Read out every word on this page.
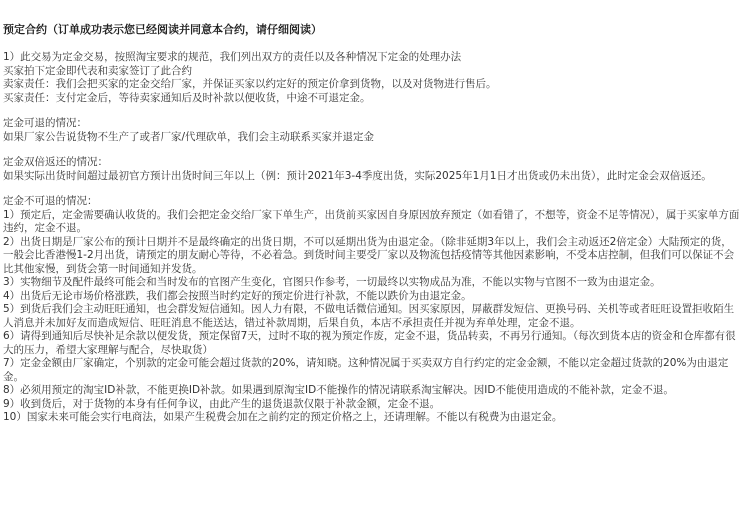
预定合约（订单成功表示您已经阅读并同意本合约，请仔细阅读）

1）此交易为定金交易，按照淘宝要求的规范，我们列出双方的责任以及各种情况下定金的处理办法

买家拍下定金即代表和卖家签订了此合约

卖家责任：我们会把买家的定金交给厂家，并保证买家以约定好的预定价拿到货物，以及对货物进行售后。

买家责任：支付定金后，等待卖家通知后及时补款以便收货，中途不可退定金。

定金可退的情况：

如果厂家公告说货物不生产了或者厂家/代理砍单，我们会主动联系买家并退定金

定金双倍返还的情况：

如果实际出货时间超过最初官方预计出货时间三年以上（例：预计2021年3-4季度出货，实际2025年1月1日才出货或仍未出货），此时定金会双倍返还。

定金不可退的情况：

1）预定后，定金需要确认收货的。我们会把定金交给厂家下单生产，出货前买家因自身原因放弃预定（如看错了，不想等，资金不足等情况），属于买家单方面违约，定金不退。

2）出货日期是厂家公布的预计日期并不是最终确定的出货日期，不可以延期出货为由退定金。（除非延期3年以上，我们会主动返还2倍定金）大陆预定的货，一般会比香港慢1-2月出货，请预定的朋友耐心等待，不必着急。到货时间主要受厂家以及物流包括疫情等其他因素影响，不受本店控制，但我们可以保证不会比其他家慢，到货会第一时间通知并发货。

3）实物细节及配件最终可能会和当时发布的官图产生变化，官图只作参考，一切最终以实物成品为准，不能以实物与官图不一致为由退定金。

4）出货后无论市场价格涨跌，我们都会按照当时约定好的预定价进行补款，不能以跌价为由退定金。

5）到货后我们会主动旺旺通知，也会群发短信通知。因人力有限，不做电话微信通知。因买家原因，屏蔽群发短信、更换号码、关机等或者旺旺设置拒收陌生人消息并未加好友而造成短信、旺旺消息不能送达，错过补款周期，后果自负，本店不承担责任并视为弃单处理，定金不退。

6）请得到通知后尽快补足余款以便发货，预定保留7天，过时不取的视为预定作废，定金不退，货品转卖，不再另行通知。（每次到货本店的资金和仓库都有很大的压力，希望大家理解与配合，尽快取货）

7）定金金额由厂家确定，个别款的定金可能会超过货款的20%，请知晓。这种情况属于买卖双方自行约定的定金金额，不能以定金超过货款的20%为由退定金。

8）必须用预定的淘宝ID补款，不能更换ID补款。如果遇到原淘宝ID不能操作的情况请联系淘宝解决。因ID不能使用造成的不能补款，定金不退。

9）收到货后，对于货物的本身有任何争议，由此产生的退货退款仅限于补款金额，定金不退。

10）国家未来可能会实行电商法，如果产生税费会加在之前约定的预定价格之上，还请理解。不能以有税费为由退定金。
